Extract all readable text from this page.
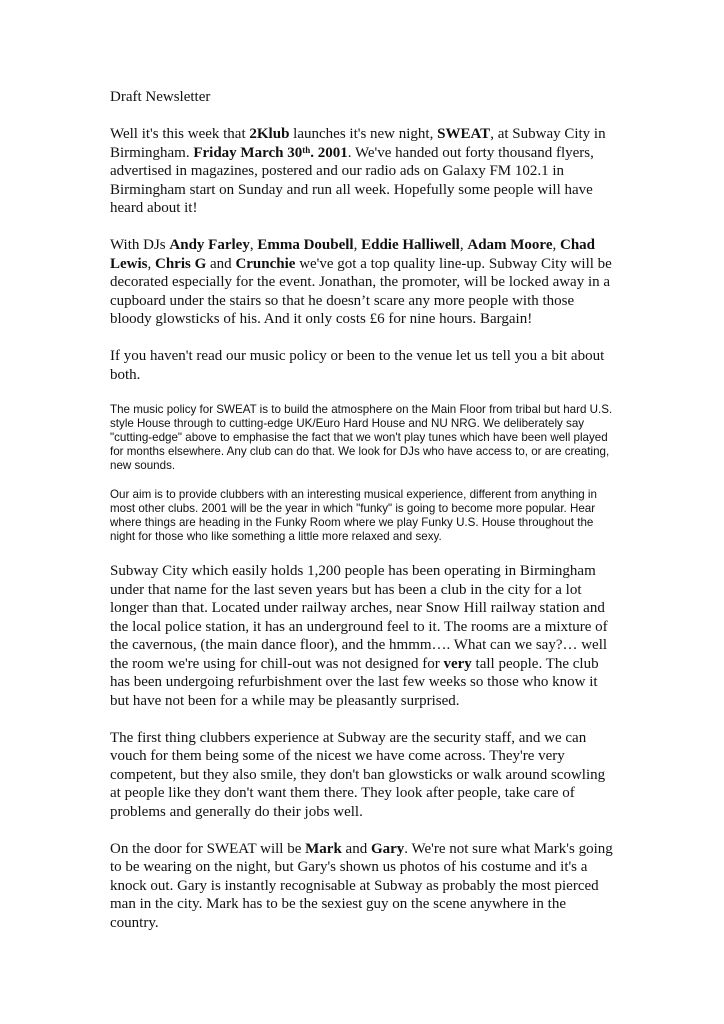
Draft Newsletter

Well it's this week that 2Klub launches it's new night, SWEAT, at Subway City in Birmingham. Friday March 30th. 2001. We've handed out forty thousand flyers, advertised in magazines, postered and our radio ads on Galaxy FM 102.1 in Birmingham start on Sunday and run all week. Hopefully some people will have heard about it!

With DJs Andy Farley, Emma Doubell, Eddie Halliwell, Adam Moore, Chad Lewis, Chris G and Crunchie we've got a top quality line-up. Subway City will be decorated especially for the event. Jonathan, the promoter, will be locked away in a cupboard under the stairs so that he doesn’t scare any more people with those bloody glowsticks of his. And it only costs £6 for nine hours. Bargain!

If you haven't read our music policy or been to the venue let us tell you a bit about both.

The music policy for SWEAT is to build the atmosphere on the Main Floor from tribal but hard U.S. style House through to cutting-edge UK/Euro Hard House and NU NRG. We deliberately say "cutting-edge" above to emphasise the fact that we won't play tunes which have been well played for months elsewhere. Any club can do that. We look for DJs who have access to, or are creating, new sounds.

Our aim is to provide clubbers with an interesting musical experience, different from anything in most other clubs. 2001 will be the year in which "funky" is going to become more popular. Hear where things are heading in the Funky Room where we play Funky U.S. House throughout the night for those who like something a little more relaxed and sexy.

Subway City which easily holds 1,200 people has been operating in Birmingham under that name for the last seven years but has been a club in the city for a lot longer than that. Located under railway arches, near Snow Hill railway station and the local police station, it has an underground feel to it. The rooms are a mixture of the cavernous, (the main dance floor), and the hmmm…. What can we say?… well the room we're using for chill-out was not designed for very tall people. The club has been undergoing refurbishment over the last few weeks so those who know it but have not been for a while may be pleasantly surprised.

The first thing clubbers experience at Subway are the security staff, and we can vouch for them being some of the nicest we have come across. They're very competent, but they also smile, they don't ban glowsticks or walk around scowling at people like they don't want them there. They look after people, take care of problems and generally do their jobs well.

On the door for SWEAT will be Mark and Gary. We're not sure what Mark's going to be wearing on the night, but Gary's shown us photos of his costume and it's a knock out. Gary is instantly recognisable at Subway as probably the most pierced man in the city. Mark has to be the sexiest guy on the scene anywhere in the country.
